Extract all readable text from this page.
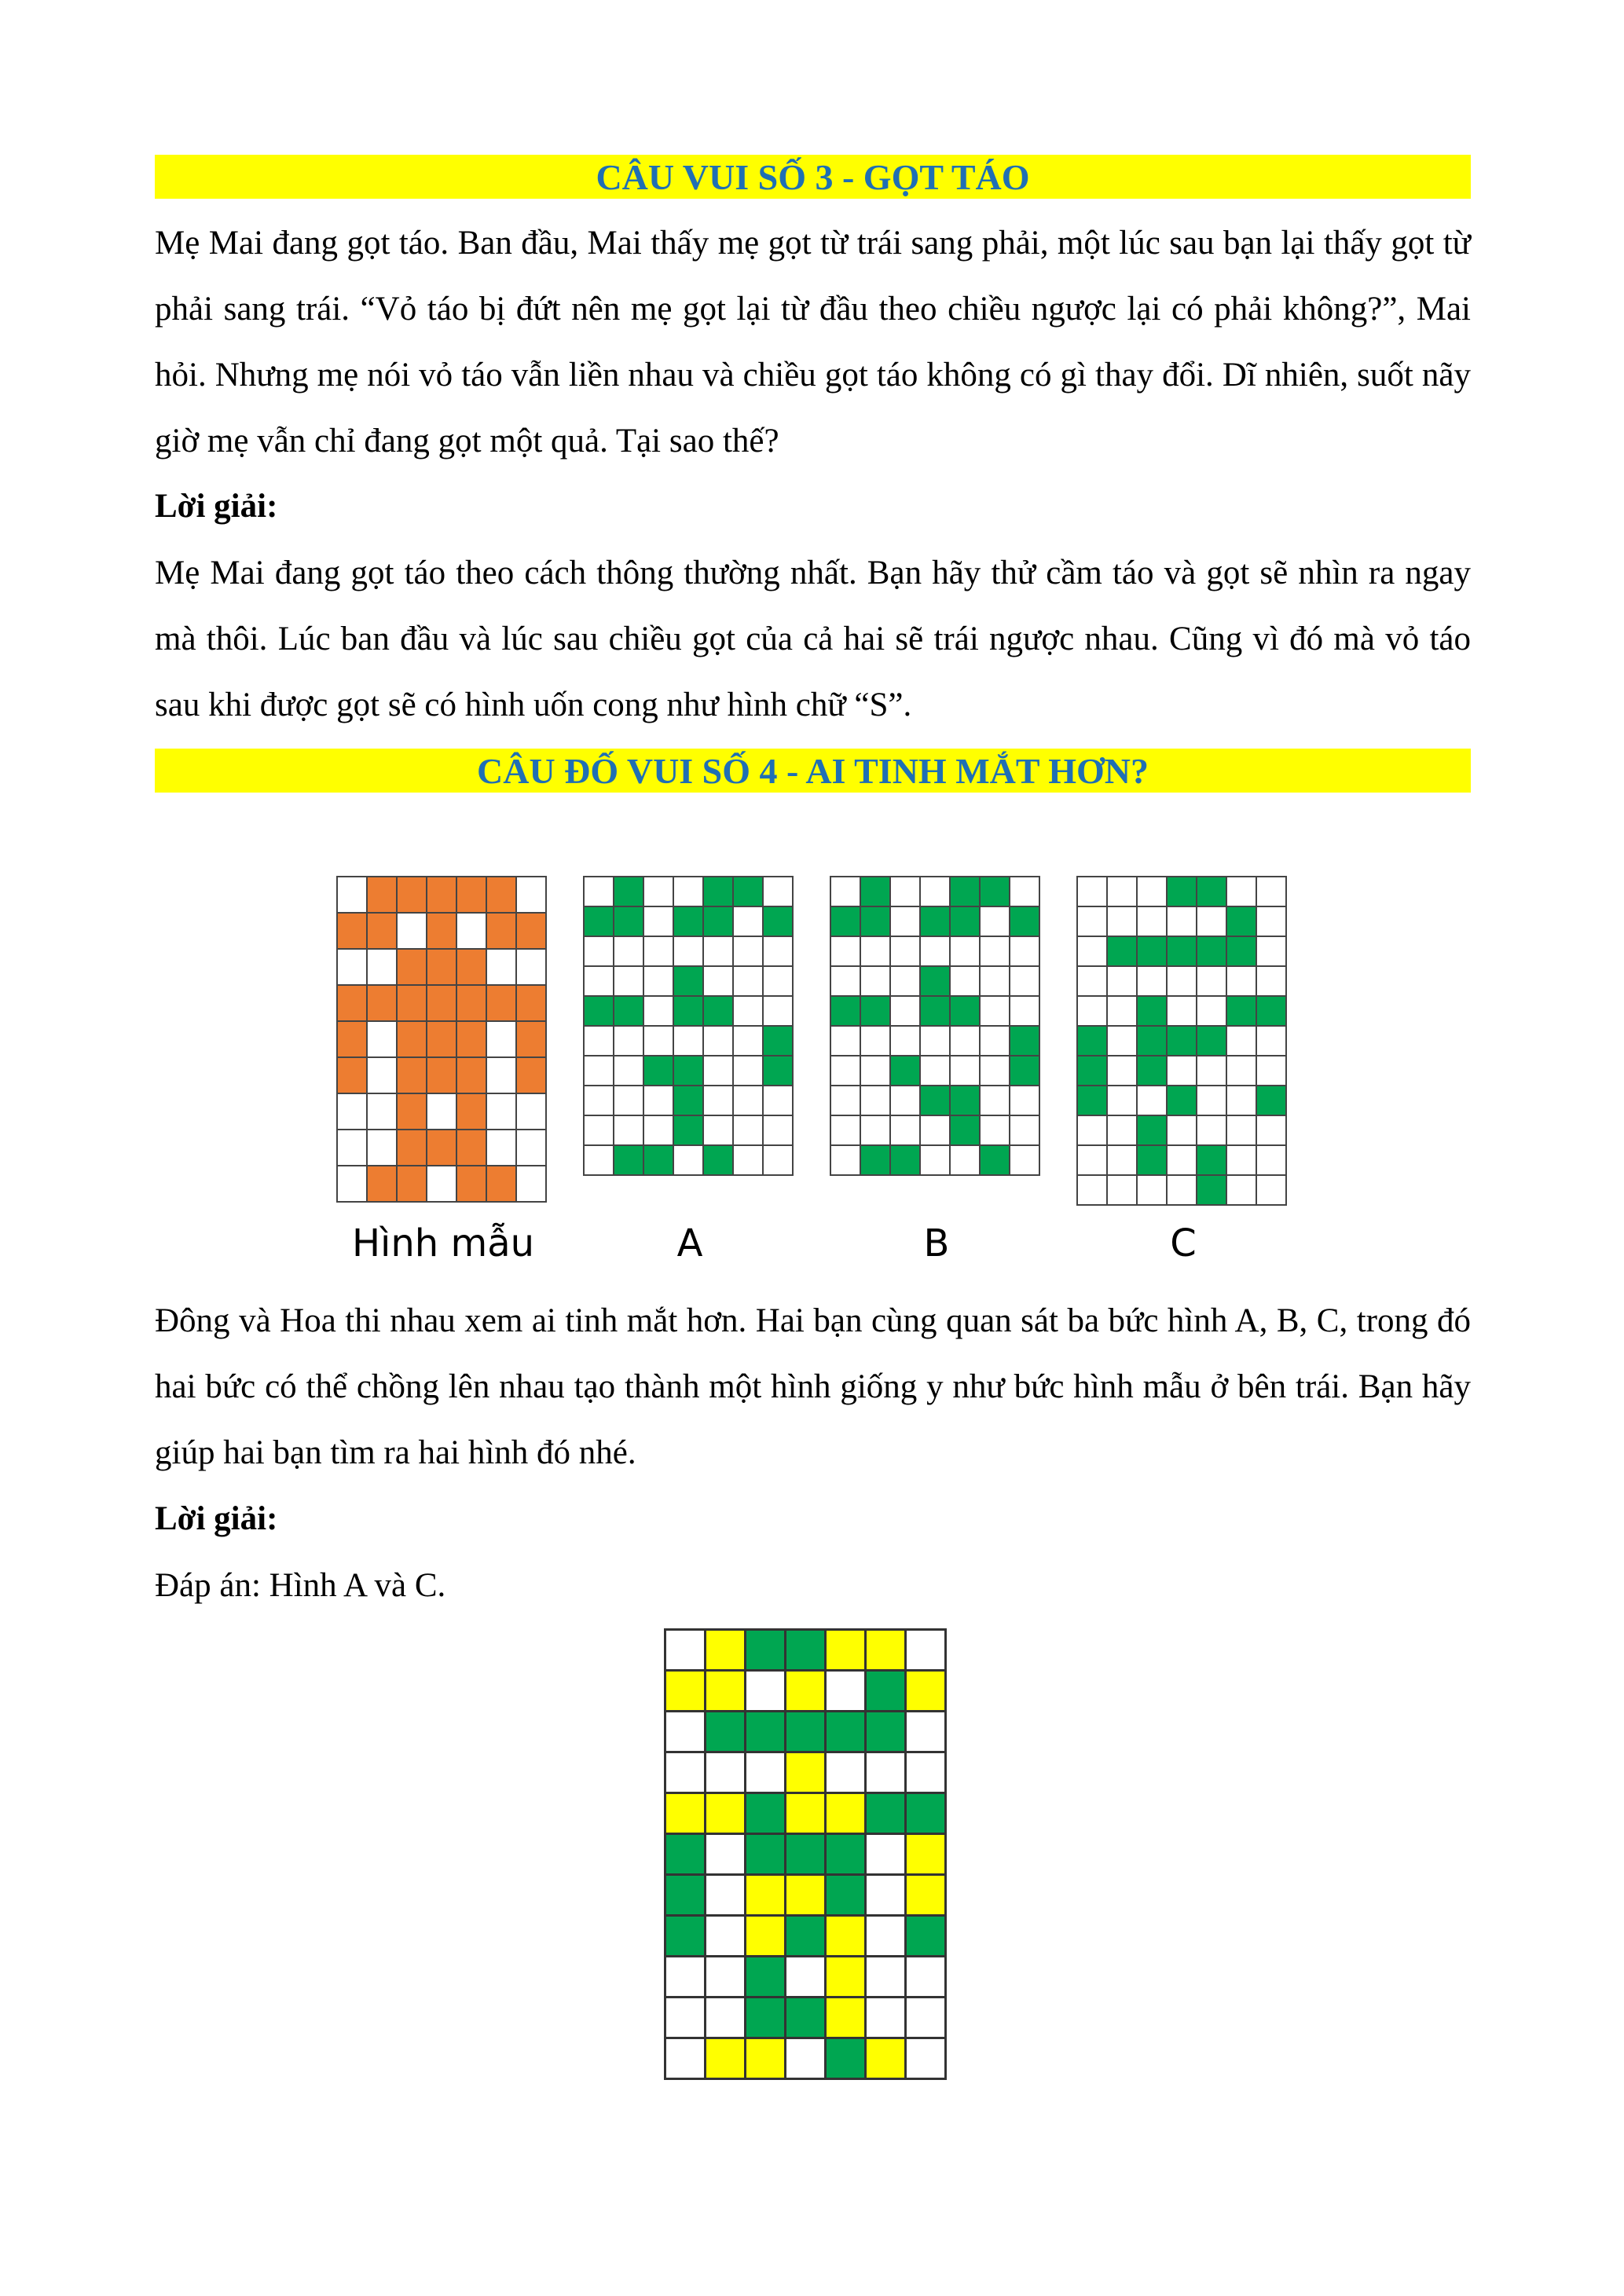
CÂU VUI SỐ 3 - GỌT TÁO

Mẹ Mai đang gọt táo. Ban đầu, Mai thấy mẹ gọt từ trái sang phải, một lúc sau bạn lại thấy gọt từ phải sang trái. “Vỏ táo bị đứt nên mẹ gọt lại từ đầu theo chiều ngược lại có phải không?”, Mai hỏi. Nhưng mẹ nói vỏ táo vẫn liền nhau và chiều gọt táo không có gì thay đổi. Dĩ nhiên, suốt nãy giờ mẹ vẫn chỉ đang gọt một quả. Tại sao thế?

Lời giải:

Mẹ Mai đang gọt táo theo cách thông thường nhất. Bạn hãy thử cầm táo và gọt sẽ nhìn ra ngay mà thôi. Lúc ban đầu và lúc sau chiều gọt của cả hai sẽ trái ngược nhau. Cũng vì đó mà vỏ táo sau khi được gọt sẽ có hình uốn cong như hình chữ “S”.

CÂU ĐỐ VUI SỐ 4 - AI TINH MẮT HƠN?
Hình mẫu	A	B	C

Đông và Hoa thi nhau xem ai tinh mắt hơn. Hai bạn cùng quan sát ba bức hình A, B, C, trong đó hai bức có thể chồng lên nhau tạo thành một hình giống y như bức hình mẫu ở bên trái. Bạn hãy giúp hai bạn tìm ra hai hình đó nhé.

Lời giải:

Đáp án: Hình A và C.
